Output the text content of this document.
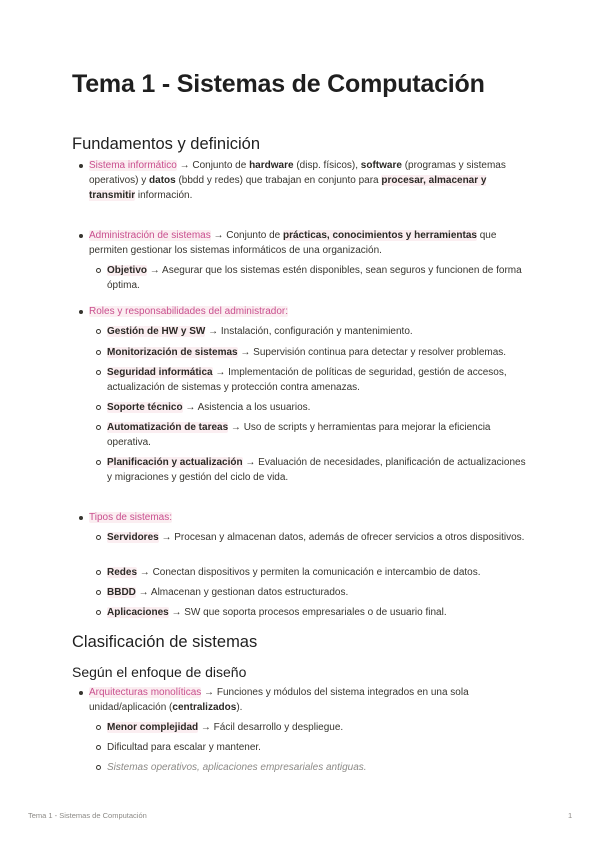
Tema 1 - Sistemas de Computación
Fundamentos y definición
Sistema informático → Conjunto de hardware (disp. físicos), software (programas y sistemas operativos) y datos (bbdd y redes) que trabajan en conjunto para procesar, almacenar y transmitir información.
Administración de sistemas → Conjunto de prácticas, conocimientos y herramientas que permiten gestionar los sistemas informáticos de una organización.
Objetivo → Asegurar que los sistemas estén disponibles, sean seguros y funcionen de forma óptima.
Roles y responsabilidades del administrador:
Gestión de HW y SW → Instalación, configuración y mantenimiento.
Monitorización de sistemas → Supervisión continua para detectar y resolver problemas.
Seguridad informática → Implementación de políticas de seguridad, gestión de accesos, actualización de sistemas y protección contra amenazas.
Soporte técnico → Asistencia a los usuarios.
Automatización de tareas → Uso de scripts y herramientas para mejorar la eficiencia operativa.
Planificación y actualización → Evaluación de necesidades, planificación de actualizaciones y migraciones y gestión del ciclo de vida.
Tipos de sistemas:
Servidores → Procesan y almacenan datos, además de ofrecer servicios a otros dispositivos.
Redes → Conectan dispositivos y permiten la comunicación e intercambio de datos.
BBDD → Almacenan y gestionan datos estructurados.
Aplicaciones → SW que soporta procesos empresariales o de usuario final.
Clasificación de sistemas
Según el enfoque de diseño
Arquitecturas monolíticas → Funciones y módulos del sistema integrados en una sola unidad/aplicación (centralizados).
Menor complejidad → Fácil desarrollo y despliegue.
Dificultad para escalar y mantener.
Sistemas operativos, aplicaciones empresariales antiguas.
Tema 1 - Sistemas de Computación	1
